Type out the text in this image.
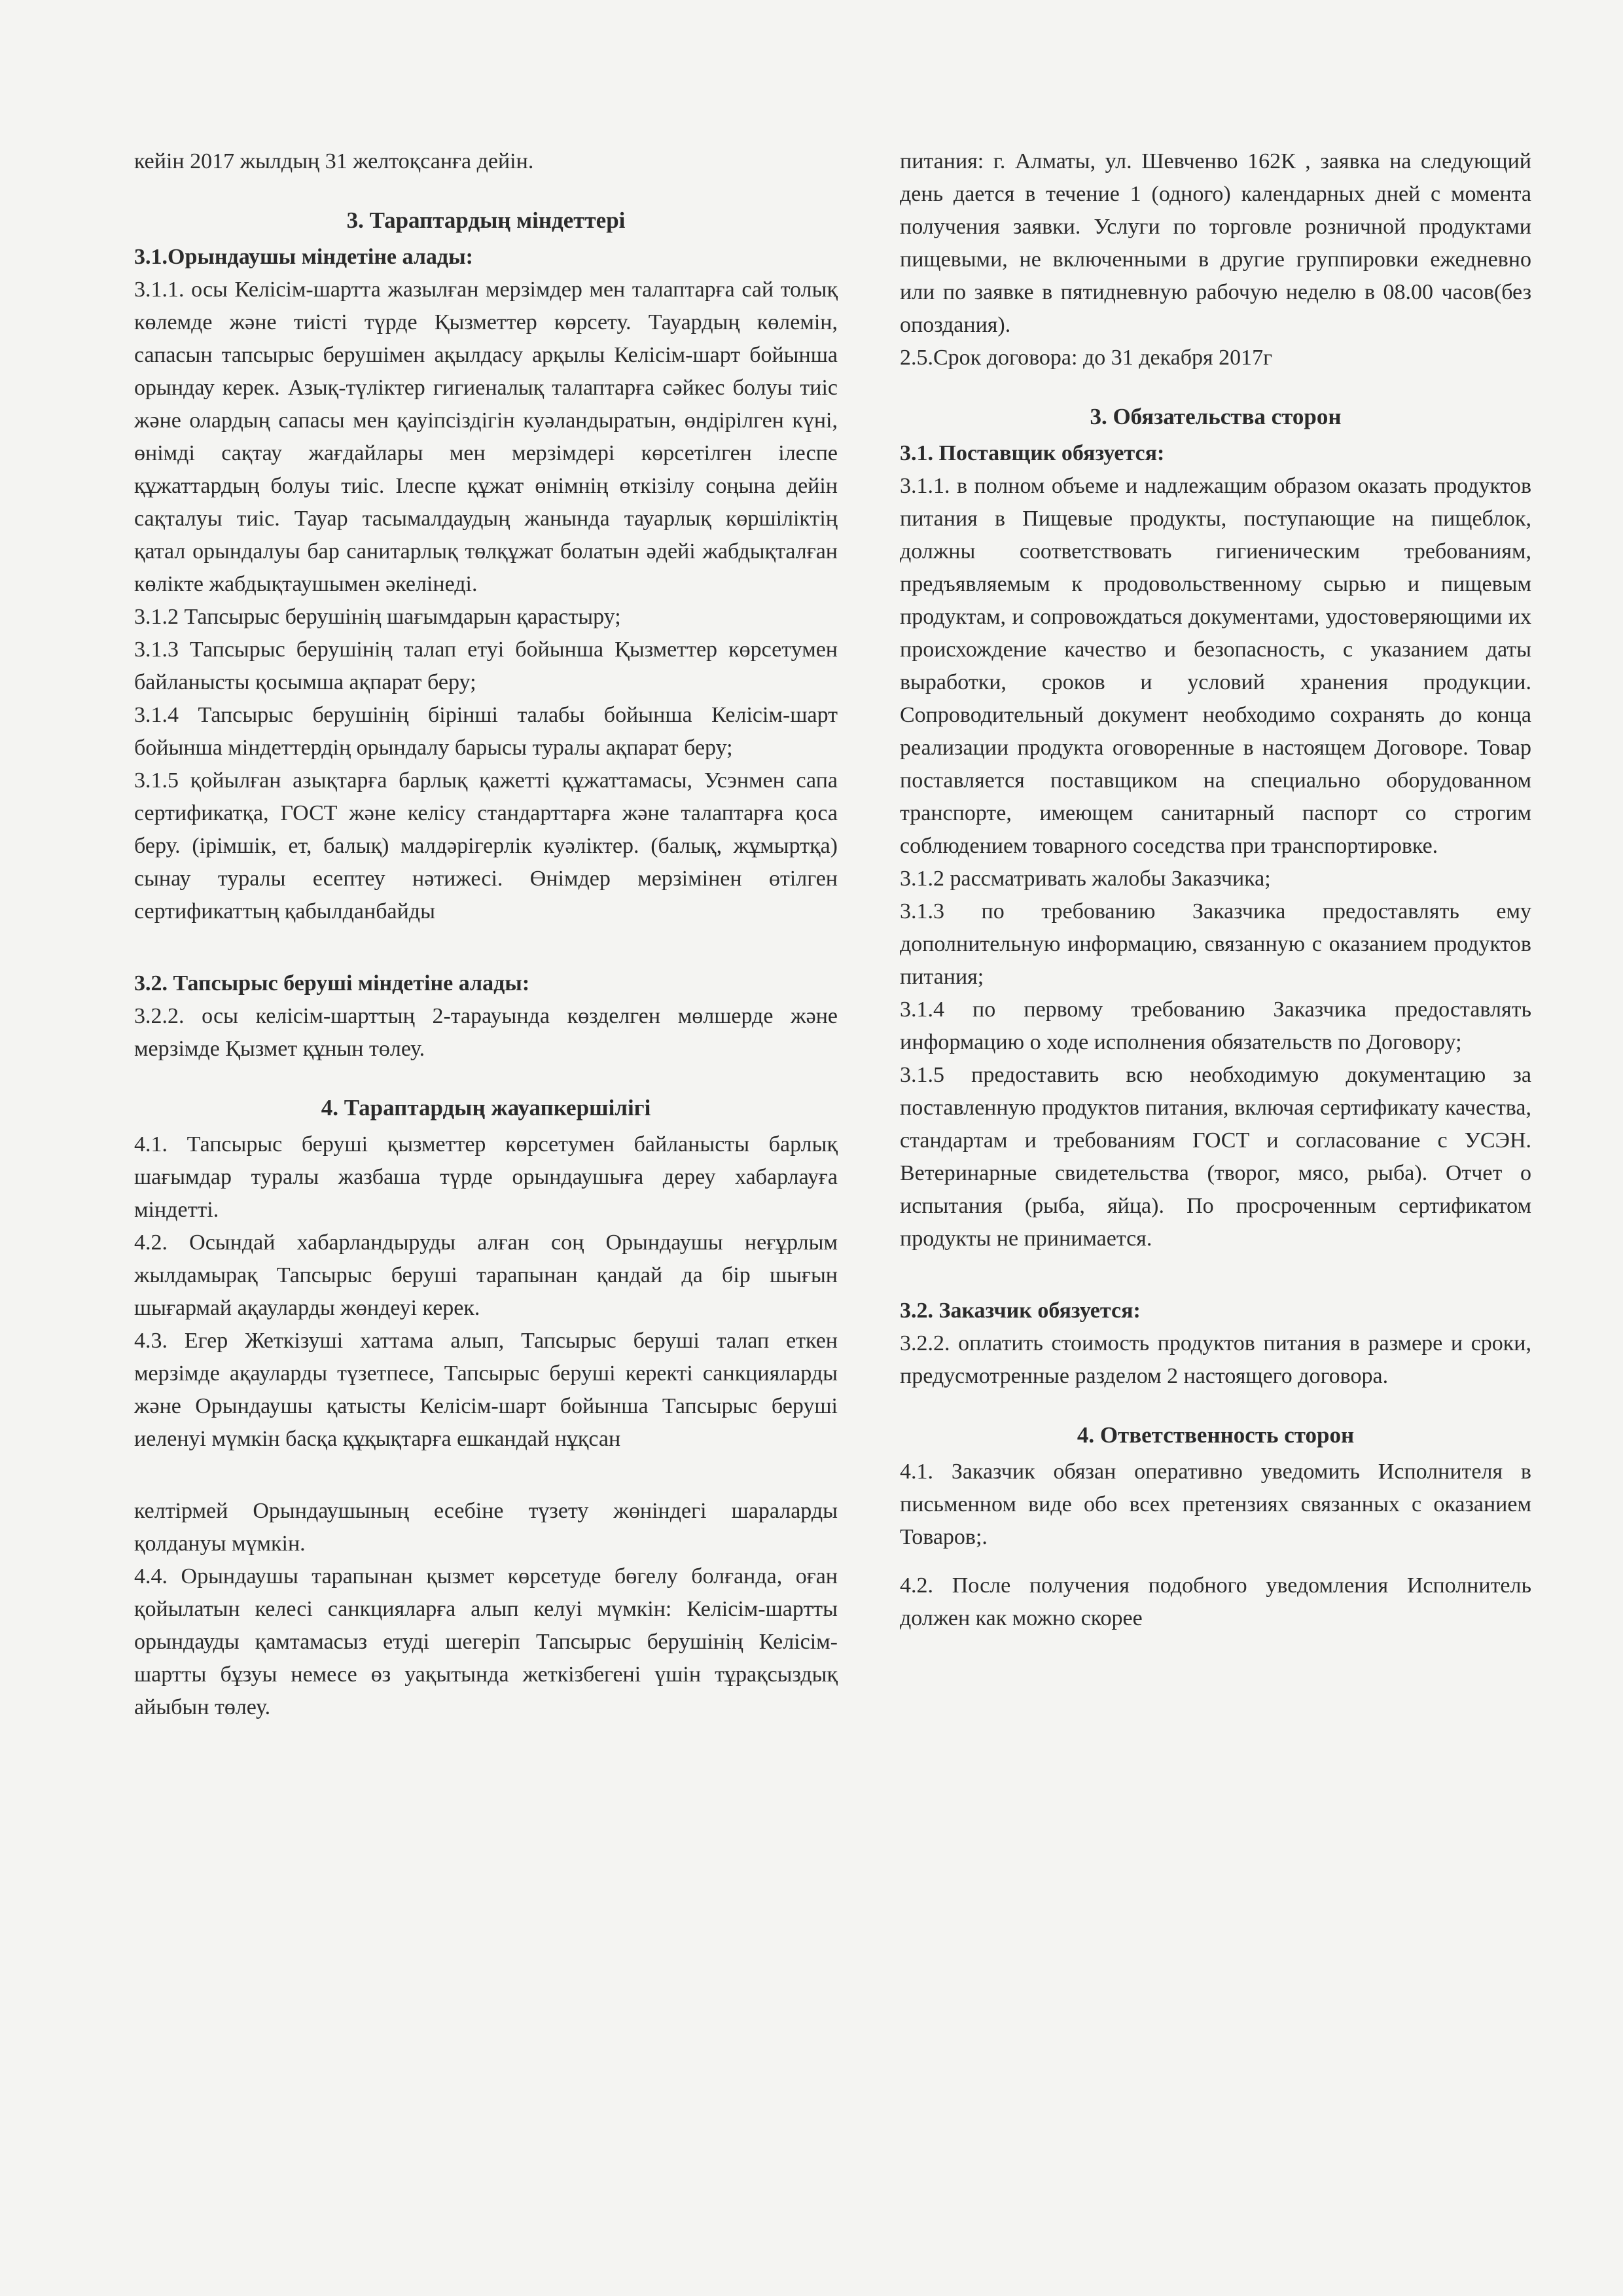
кейін 2017 жылдың 31 желтоқсанға дейін.

3. Тараптардың міндеттері

3.1.Орындаушы міндетіне алады:

3.1.1. осы Келісім-шартта жазылған мерзімдер мен талаптарға сай толық көлемде және тиісті түрде Қызметтер көрсету. Тауардың көлемін, сапасын тапсырыс берушімен ақылдасу арқылы Келісім-шарт бойынша орындау керек. Азық-түліктер гигиеналық талаптарға сәйкес болуы тиіс және олардың сапасы мен қауіпсіздігін куәландыратын, өндірілген күні, өнімді сақтау жағдайлары мен мерзімдері көрсетілген ілеспе құжаттардың болуы тиіс. Ілеспе құжат өнімнің өткізілу соңына дейін сақталуы тиіс. Тауар тасымалдаудың жанында тауарлық көршіліктің қатал орындалуы бар санитарлық төлқұжат болатын әдейі жабдықталған көлікте жабдықтаушымен әкелінеді.

3.1.2 Тапсырыс берушінің шағымдарын қарастыру;

3.1.3 Тапсырыс берушінің талап етуі бойынша Қызметтер көрсетумен байланысты қосымша ақпарат беру;

3.1.4 Тапсырыс берушінің бірінші талабы бойынша Келісім-шарт бойынша міндеттердің орындалу барысы туралы ақпарат беру;

3.1.5 қойылған азықтарға барлық қажетті құжаттамасы, Усэнмен сапа сертификатқа, ГОСТ және келісу стандарттарға және талаптарға қоса беру. (ірімшік, ет, балық) малдәрігерлік куәліктер. (балық, жұмыртқа) сынау туралы есептеу нәтижесі. Өнімдер мерзімінен өтілген сертификаттың қабылданбайды

3.2. Тапсырыс беруші міндетіне алады:

3.2.2. осы келісім-шарттың 2-тарауында көзделген мөлшерде және мерзімде Қызмет құнын төлеу.

4. Тараптардың жауапкершілігі

4.1. Тапсырыс беруші қызметтер көрсетумен байланысты барлық шағымдар туралы жазбаша түрде орындаушыға дереу хабарлауға міндетті.

4.2. Осындай хабарландыруды алған соң Орындаушы неғұрлым жылдамырақ Тапсырыс беруші тарапынан қандай да бір шығын шығармай ақауларды жөндеуі керек.

4.3. Егер Жеткізуші хаттама алып, Тапсырыс беруші талап еткен мерзімде ақауларды түзетпесе, Тапсырыс беруші керекті санкцияларды және Орындаушы қатысты Келісім-шарт бойынша Тапсырыс беруші иеленуі мүмкін басқа құқықтарға ешкандай нұқсан

келтірмей Орындаушының есебіне түзету жөніндегі шараларды қолдануы мүмкін.

4.4. Орындаушы тарапынан қызмет көрсетуде бөгелу болғанда, оған қойылатын келесі санкцияларға алып келуі мүмкін: Келісім-шартты орындауды қамтамасыз етуді шегеріп Тапсырыс берушінің Келісім-шартты бұзуы немесе өз уақытында жеткізбегені үшін тұрақсыздық айыбын төлеу.

питания: г. Алматы, ул. Шевченво 162К , заявка на следующий день дается в течение 1 (одного) календарных дней с момента получения заявки. Услуги по торговле розничной продуктами пищевыми, не включенными в другие группировки ежедневно или по заявке в пятидневную рабочую неделю в 08.00 часов(без опоздания).

2.5.Срок договора: до 31 декабря 2017г

3. Обязательства сторон

3.1. Поставщик обязуется:

3.1.1. в полном объеме и надлежащим образом оказать продуктов питания в Пищевые продукты, поступающие на пищеблок, должны соответствовать гигиеническим требованиям, предъявляемым к продовольственному сырью и пищевым продуктам, и сопровождаться документами, удостоверяющими их происхождение качество и безопасность, с указанием даты выработки, сроков и условий хранения продукции. Сопроводительный документ необходимо сохранять до конца реализации продукта оговоренные в настоящем Договоре. Товар поставляется поставщиком на специально оборудованном транспорте, имеющем санитарный паспорт со строгим соблюдением товарного соседства при транспортировке.

3.1.2 рассматривать жалобы Заказчика;

3.1.3 по требованию Заказчика предоставлять ему дополнительную информацию, связанную с оказанием продуктов питания;

3.1.4 по первому требованию Заказчика предоставлять информацию о ходе исполнения обязательств по Договору;

3.1.5 предоставить всю необходимую документацию за поставленную продуктов питания, включая сертификату качества, стандартам и требованиям ГОСТ и согласование с УСЭН. Ветеринарные свидетельства (творог, мясо, рыба). Отчет о испытания (рыба, яйца). По просроченным сертификатом продукты не принимается.

3.2. Заказчик обязуется:

3.2.2. оплатить стоимость продуктов питания в размере и сроки, предусмотренные разделом 2 настоящего договора.

4. Ответственность сторон

4.1. Заказчик обязан оперативно уведомить Исполнителя в письменном виде обо всех претензиях связанных с оказанием Товаров;.

4.2. После получения подобного уведомления Исполнитель должен как можно скорее
